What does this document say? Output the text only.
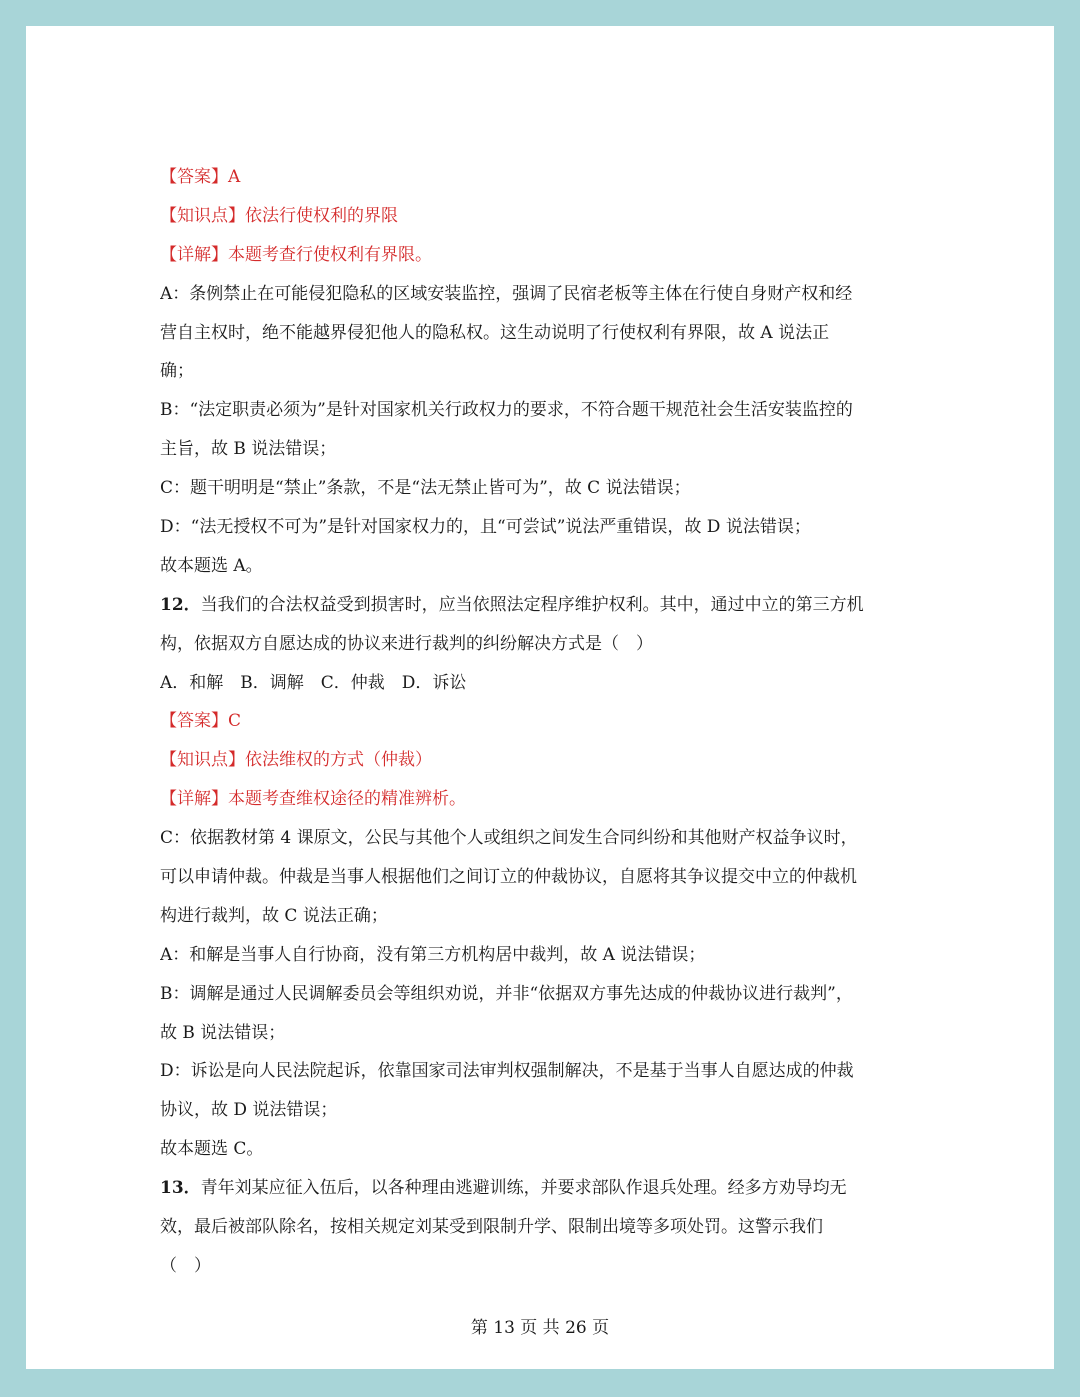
【答案】A
【知识点】依法行使权利的界限
【详解】本题考查行使权利有界限。
A：条例禁止在可能侵犯隐私的区域安装监控，强调了民宿老板等主体在行使自身财产权和经
营自主权时，绝不能越界侵犯他人的隐私权。这生动说明了行使权利有界限，故 A 说法正
确；
B：“法定职责必须为”是针对国家机关行政权力的要求，不符合题干规范社会生活安装监控的
主旨，故 B 说法错误；
C：题干明明是“禁止”条款，不是“法无禁止皆可为”，故 C 说法错误；
D：“法无授权不可为”是针对国家权力的，且“可尝试”说法严重错误，故 D 说法错误；
故本题选 A。
12．当我们的合法权益受到损害时，应当依照法定程序维护权利。其中，通过中立的第三方机
构，依据双方自愿达成的协议来进行裁判的纠纷解决方式是（　）
A．和解　B．调解　C．仲裁　D．诉讼
【答案】C
【知识点】依法维权的方式（仲裁）
【详解】本题考查维权途径的精准辨析。
C：依据教材第 4 课原文，公民与其他个人或组织之间发生合同纠纷和其他财产权益争议时，
可以申请仲裁。仲裁是当事人根据他们之间订立的仲裁协议，自愿将其争议提交中立的仲裁机
构进行裁判，故 C 说法正确；
A：和解是当事人自行协商，没有第三方机构居中裁判，故 A 说法错误；
B：调解是通过人民调解委员会等组织劝说，并非“依据双方事先达成的仲裁协议进行裁判”，
故 B 说法错误；
D：诉讼是向人民法院起诉，依靠国家司法审判权强制解决，不是基于当事人自愿达成的仲裁
协议，故 D 说法错误；
故本题选 C。
13．青年刘某应征入伍后，以各种理由逃避训练，并要求部队作退兵处理。经多方劝导均无
效，最后被部队除名，按相关规定刘某受到限制升学、限制出境等多项处罚。这警示我们
（　）
第 13 页 共 26 页
